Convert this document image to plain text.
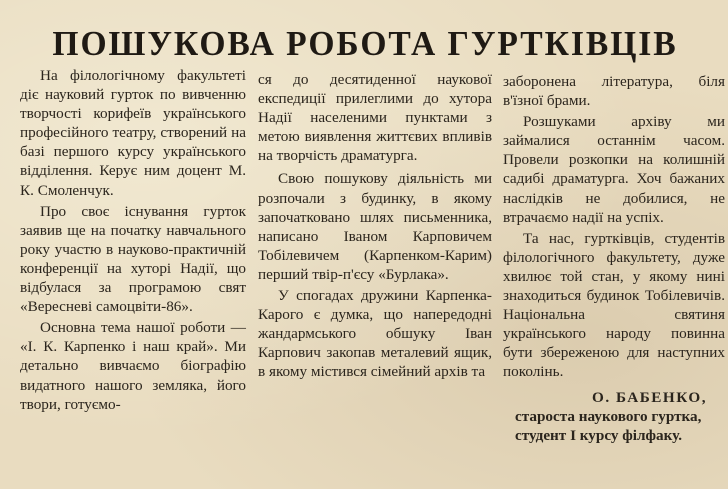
ПОШУКОВА РОБОТА ГУРТКІВЦІВ

На філологічному факультеті діє науковий гурток по вивченню творчості корифеїв українського професійного театру, створений на базі першого курсу українського відділення. Керує ним доцент М. К. Смоленчук.

Про своє існування гурток заявив ще на початку навчального року участю в науково-практичній конференції на хуторі Надії, що відбулася за програмою свят «Вересневі самоцвіти-86».

Основна тема нашої роботи — «І. К. Карпенко і наш край». Ми детально вивчаємо біографію видатного нашого земляка, його твори, готуємо-

ся до десятиденної наукової експедиції прилеглими до хутора Надії населеними пунктами з метою виявлення життєвих впливів на творчість драматурга.

Свою пошукову діяльність ми розпочали з будинку, в якому започатковано шлях письменника, написано Іваном Карповичем Тобілевичем (Карпенком-Карим) перший твір-п'єсу «Бурлака».

У спогадах дружини Карпенка-Карого є думка, що напередодні жандармського обшуку Іван Карпович закопав металевий ящик, в якому містився сімейний архів та

заборонена література, біля в'їзної брами.

Розшуками архіву ми займалися останнім часом. Провели розкопки на колишній садибі драматурга. Хоч бажаних наслідків не добилися, не втрачаємо надії на успіх.

Та нас, гуртківців, студентів філологічного факультету, дуже хвилює той стан, у якому нині знаходиться будинок Тобілевичів. Національна святиня українського народу повинна бути збереженою для наступних поколінь.

О. БАБЕНКО,
староста наукового гуртка, студент І курсу філфаку.
